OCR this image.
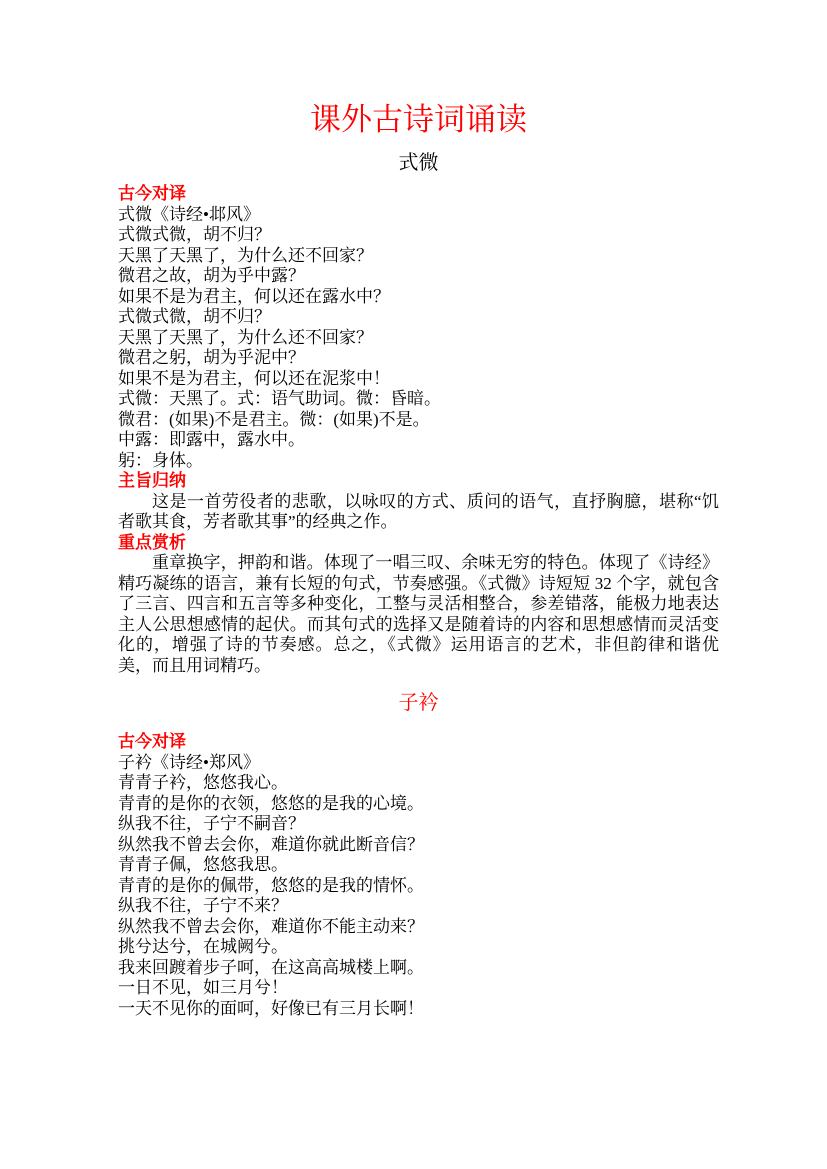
课外古诗词诵读
式微
古今对译

式微《诗经•邶风》

式微式微，胡不归？

天黑了天黑了，为什么还不回家？

微君之故，胡为乎中露？

如果不是为君主，何以还在露水中？

式微式微，胡不归？

天黑了天黑了，为什么还不回家？

微君之躬，胡为乎泥中？

如果不是为君主，何以还在泥浆中！

式微：天黑了。式：语气助词。微：昏暗。

微君：(如果)不是君主。微：(如果)不是。

中露：即露中，露水中。

躬：身体。

主旨归纳

这是一首劳役者的悲歌，以咏叹的方式、质问的语气，直抒胸臆，堪称“饥者歌其食，芳者歌其事”的经典之作。

重点赏析

重章换字，押韵和谐。体现了一唱三叹、余味无穷的特色。体现了《诗经》精巧凝练的语言，兼有长短的句式，节奏感强。《式微》诗短短 32 个字，就包含了三言、四言和五言等多种变化，工整与灵活相整合，参差错落，能极力地表达主人公思想感情的起伏。而其句式的选择又是随着诗的内容和思想感情而灵活变化的，增强了诗的节奏感。总之，《式微》运用语言的艺术，非但韵律和谐优美，而且用词精巧。

子衿
古今对译

子衿《诗经•郑风》

青青子衿，悠悠我心。

青青的是你的衣领，悠悠的是我的心境。

纵我不往，子宁不嗣音？

纵然我不曾去会你，难道你就此断音信？

青青子佩，悠悠我思。

青青的是你的佩带，悠悠的是我的情怀。

纵我不往，子宁不来？

纵然我不曾去会你，难道你不能主动来？

挑兮达兮，在城阙兮。

我来回踱着步子呵，在这高高城楼上啊。

一日不见，如三月兮！

一天不见你的面呵，好像已有三月长啊！
